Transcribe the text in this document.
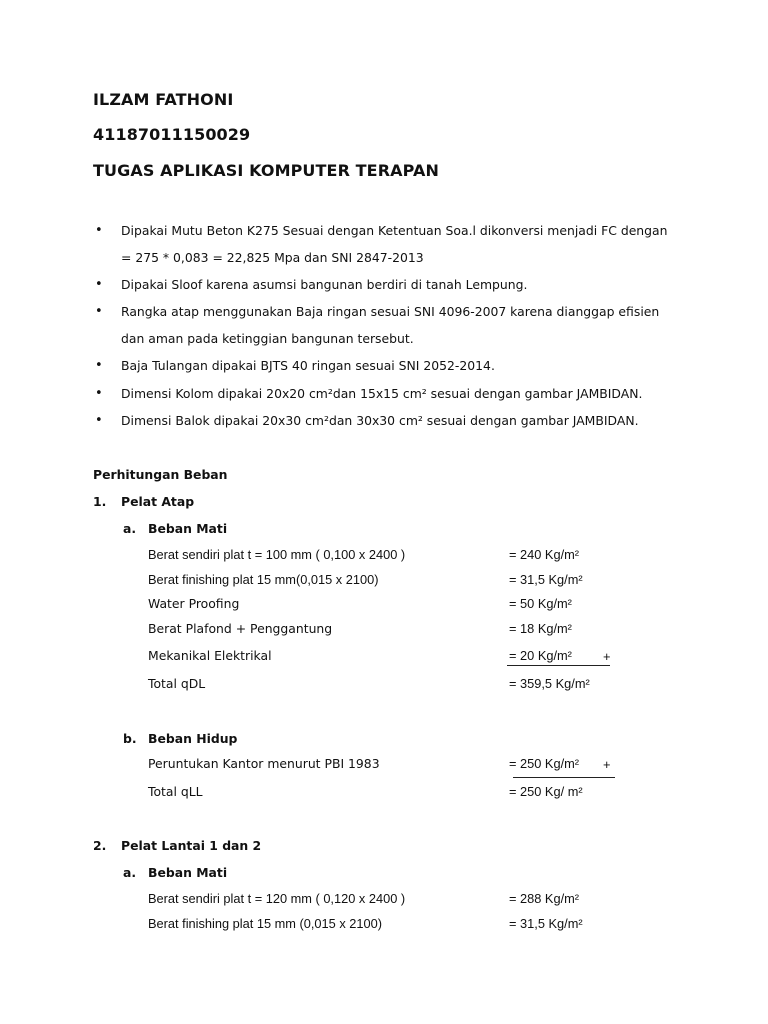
ILZAM FATHONI
41187011150029
TUGAS APLIKASI KOMPUTER TERAPAN
• Dipakai Mutu Beton K275 Sesuai dengan Ketentuan Soa.l dikonversi menjadi FC dengan
= 275 * 0,083 = 22,825 Mpa dan SNI 2847-2013
• Dipakai Sloof karena asumsi bangunan berdiri di tanah Lempung.
• Rangka atap menggunakan Baja ringan sesuai SNI 4096-2007 karena dianggap efisien
dan aman pada ketinggian bangunan tersebut.
• Baja Tulangan dipakai BJTS 40 ringan sesuai SNI 2052-2014.
• Dimensi Kolom dipakai 20x20 cm²dan 15x15 cm² sesuai dengan gambar JAMBIDAN.
• Dimensi Balok dipakai 20x30 cm²dan 30x30 cm² sesuai dengan gambar JAMBIDAN.
Perhitungan Beban
1. Pelat Atap
a. Beban Mati
Berat sendiri plat t = 100 mm ( 0,100 x 2400 )	= 240 Kg/m²
Berat finishing plat 15 mm(0,015 x 2100)	= 31,5 Kg/m²
Water Proofing	= 50 Kg/m²
Berat Plafond + Penggantung	= 18 Kg/m²
Mekanikal Elektrikal	= 20 Kg/m² +
Total qDL	= 359,5 Kg/m²
b. Beban Hidup
Peruntukan Kantor menurut PBI 1983	= 250 Kg/m² +
Total qLL	= 250 Kg/ m²
2. Pelat Lantai 1 dan 2
a. Beban Mati
Berat sendiri plat t = 120 mm ( 0,120 x 2400 )	= 288 Kg/m²
Berat finishing plat 15 mm (0,015 x 2100)	= 31,5 Kg/m²
